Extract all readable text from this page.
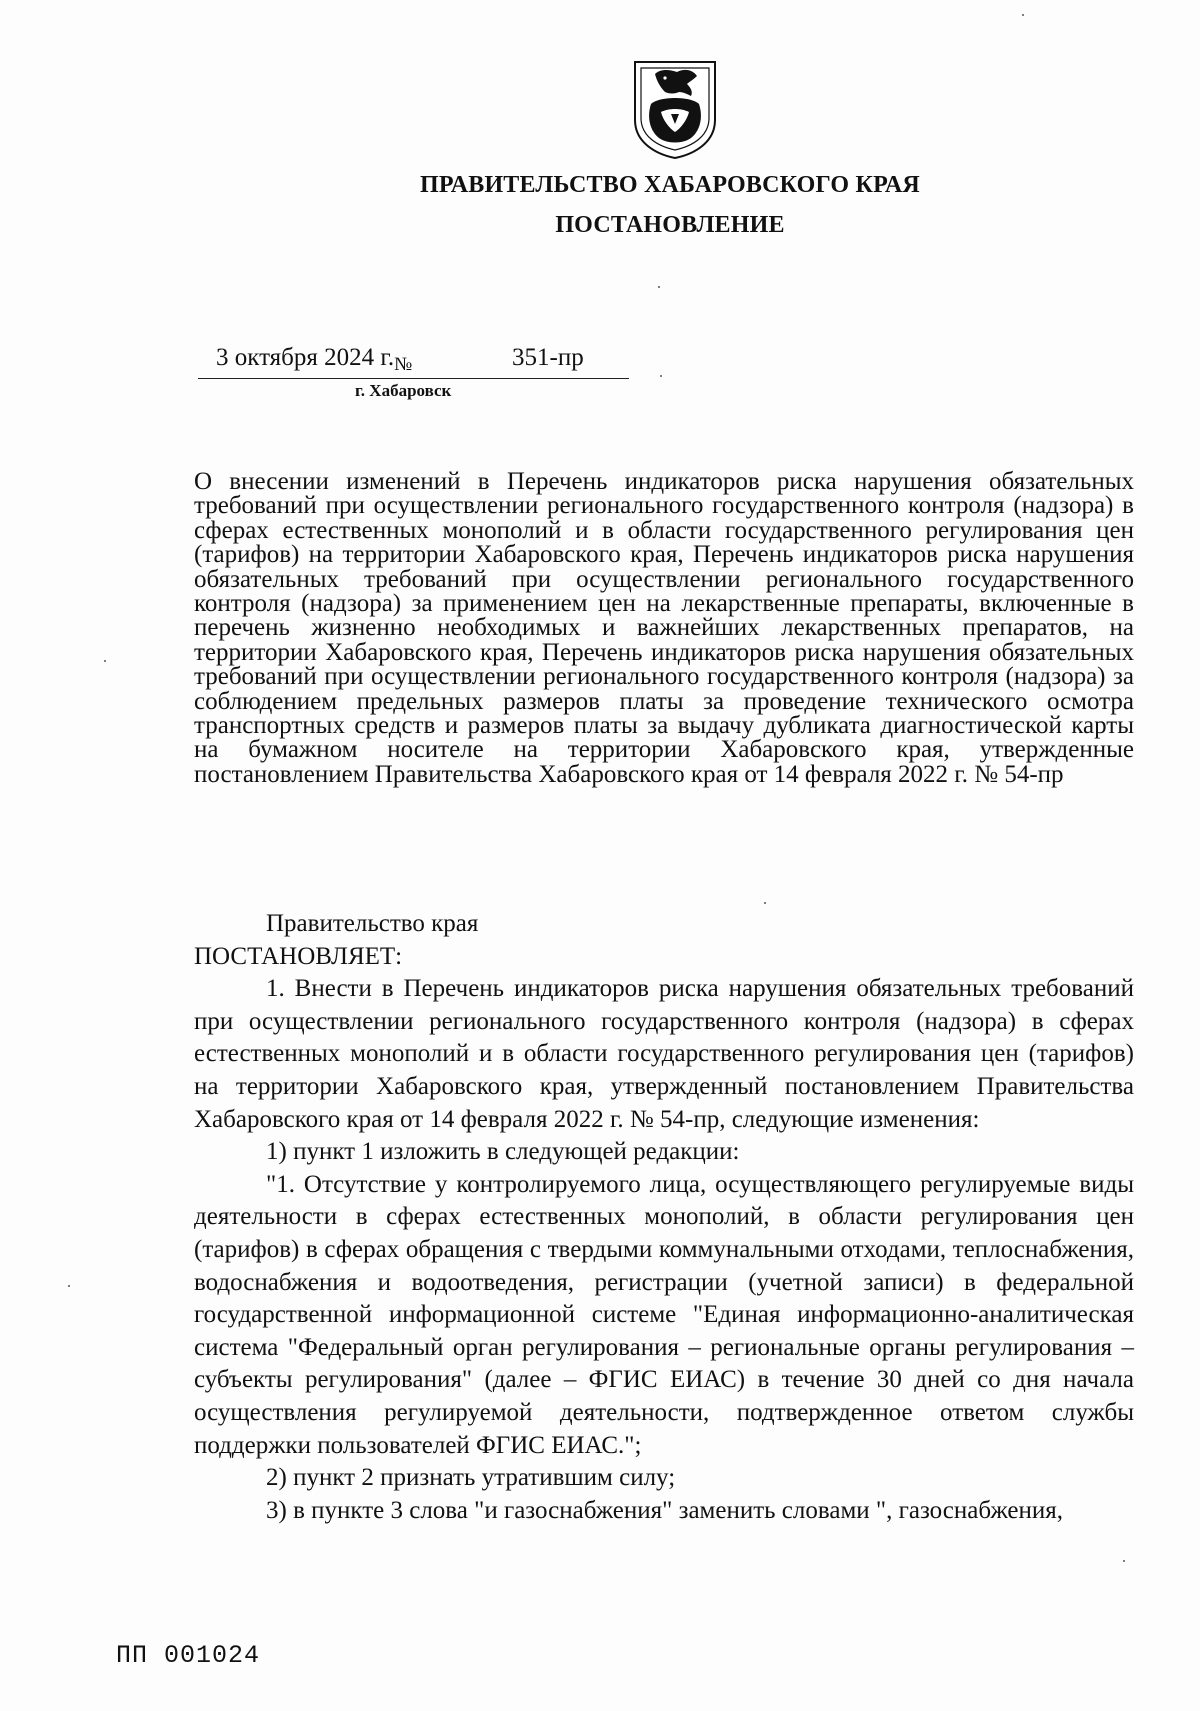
ПРАВИТЕЛЬСТВО ХАБАРОВСКОГО КРАЯ
ПОСТАНОВЛЕНИЕ
3 октября 2024 $г._№$	351-пр
г. Хабаровск
О внесении изменений в Перечень индикаторов риска нарушения обязательных требований при осуществлении регионального государственного контроля (надзора) в сферах естественных монополий и в области государственного регулирования цен (тарифов) на территории Хабаровского края, Перечень индикаторов риска нарушения обязательных требований при осуществлении регионального государственного контроля (надзора) за применением цен на лекарственные препараты, включенные в перечень жизненно необходимых и важнейших лекарственных препаратов, на территории Хабаровского края, Перечень индикаторов риска нарушения обязательных требований при осуществлении регионального государственного контроля (надзора) за соблюдением предельных размеров платы за проведение технического осмотра транспортных средств и размеров платы за выдачу дубликата диагностической карты на бумажном носителе на территории Хабаровского края, утвержденные постановлением Правительства Хабаровского края от 14 февраля 2022 г. № 54-пр

Правительство края

ПОСТАНОВЛЯЕТ:

1. Внести в Перечень индикаторов риска нарушения обязательных требований при осуществлении регионального государственного контроля (надзора) в сферах естественных монополий и в области государственного регулирования цен (тарифов) на территории Хабаровского края, утвержденный постановлением Правительства Хабаровского края от 14 февраля 2022 г. № 54-пр, следующие изменения:

1) пункт 1 изложить в следующей редакции:

"1. Отсутствие у контролируемого лица, осуществляющего регулируемые виды деятельности в сферах естественных монополий, в области регулирования цен (тарифов) в сферах обращения с твердыми коммунальными отходами, теплоснабжения, водоснабжения и водоотведения, регистрации (учетной записи) в федеральной государственной информационной системе "Единая информационно-аналитическая система "Федеральный орган регулирования – региональные органы регулирования – субъекты регулирования" (далее – ФГИС ЕИАС) в течение 30 дней со дня начала осуществления регулируемой деятельности, подтвержденное ответом службы поддержки пользователей ФГИС ЕИАС.";

2) пункт 2 признать утратившим силу;

3) в пункте 3 слова "и газоснабжения" заменить словами ", газоснабжения,

ПП 001024
